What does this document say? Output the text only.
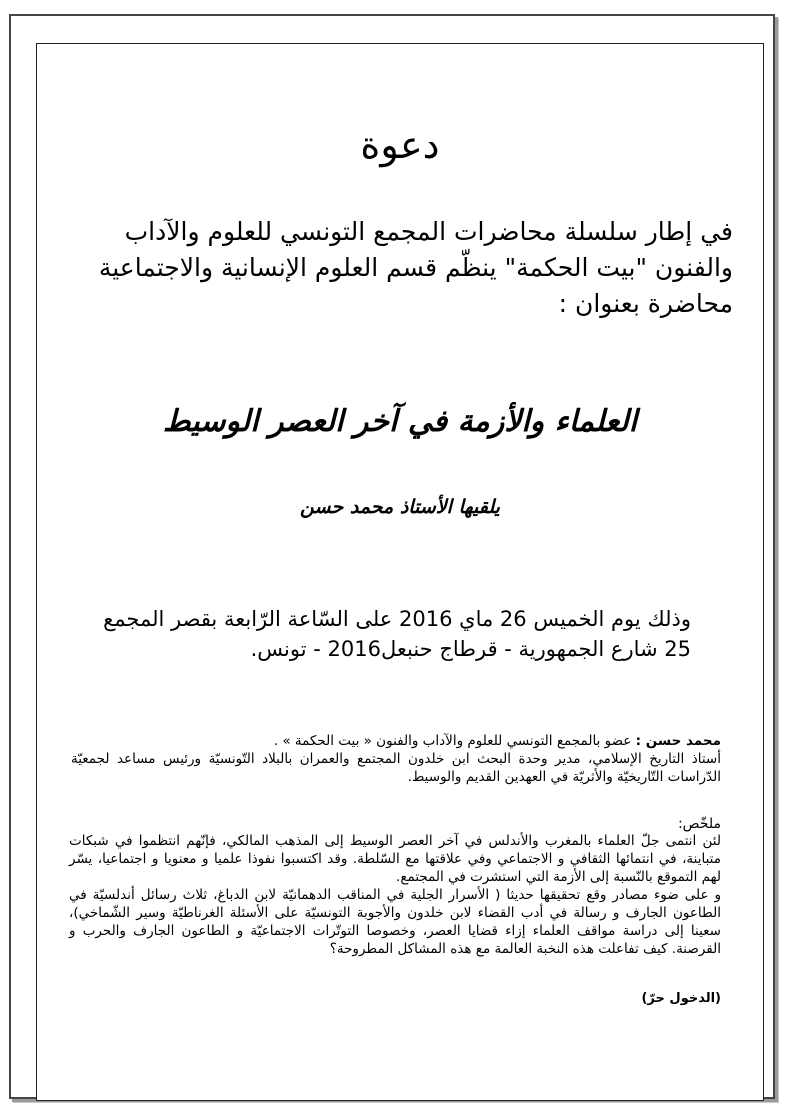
دعوة
في إطار سلسلة محاضرات المجمع التونسي للعلوم والآداب والفنون "بيت الحكمة" ينظّم قسم العلوم الإنسانية والاجتماعية محاضرة بعنوان :
العلماء والأزمة في آخر العصر الوسيط
يلقيها الأستاذ محمد حسن
وذلك يوم الخميس 26 ماي 2016 على السّاعة الرّابعة بقصر المجمع 25 شارع الجمهورية - قرطاج حنبعل2016 - تونس.
محمد حسن : عضو بالمجمع التونسي للعلوم والآداب والفنون « بيت الحكمة » .
أستاذ التاريخ الإسلامي، مدير وحدة البحث ابن خلدون المجتمع والعمران بالبلاد التّونسيّة ورئيس مساعد لجمعيّة الدّراسات التّاريخيّة والأثريّة في العهدين القديم والوسيط.
ملخّص:

لئن انتمى جلّ العلماء بالمغرب والأندلس في آخر العصر الوسيط إلى المذهب المالكي، فإنّهم انتظموا في شبكات متباينة، في انتمائها الثقافي و الاجتماعي وفي علاقتها مع السّلطة. وقد اكتسبوا نفوذا علميا و معنويا و اجتماعيا، يسّر لهم التموقع بالنّسبة إلى الأزمة التي استشرت في المجتمع.

و على ضوء مصادر وقع تحقيقها حديثا ( الأسرار الجلية في المناقب الدهمانيّة لابن الدباغ، ثلاث رسائل أندلسيّة في الطاعون الجارف و رسالة في أدب القضاء لابن خلدون والأجوبة التونسيّة على الأسئلة الغرناطيّة وسير الشّماخي)، سعينا إلى دراسة مواقف العلماء إزاء قضايا العصر، وخصوصا التوتّرات الاجتماعيّة و الطاعون الجارف والحرب و القرصنة. كيف تفاعلت هذه النخبة العالمة مع هذه المشاكل المطروحة؟

(الدخول حرّ)
